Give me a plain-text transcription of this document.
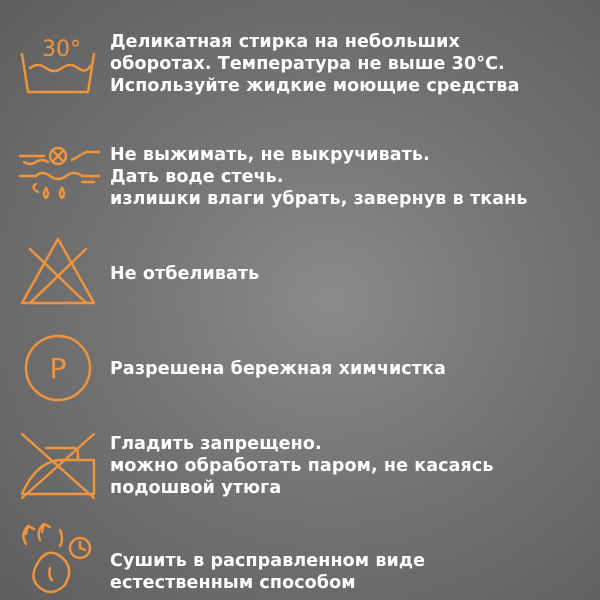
30° Деликатная стирка на небольших
оборотах. Температура не выше 30°С.
Используйте жидкие моющие средства
Не выжимать, не выкручивать.
Дать воде стечь.
излишки влаги убрать, завернув в ткань
Не отбеливать
P Разрешена бережная химчистка
Гладить запрещено.
можно обработать паром, не касаясь
подошвой утюга
Сушить в расправленном виде
естественным способом
